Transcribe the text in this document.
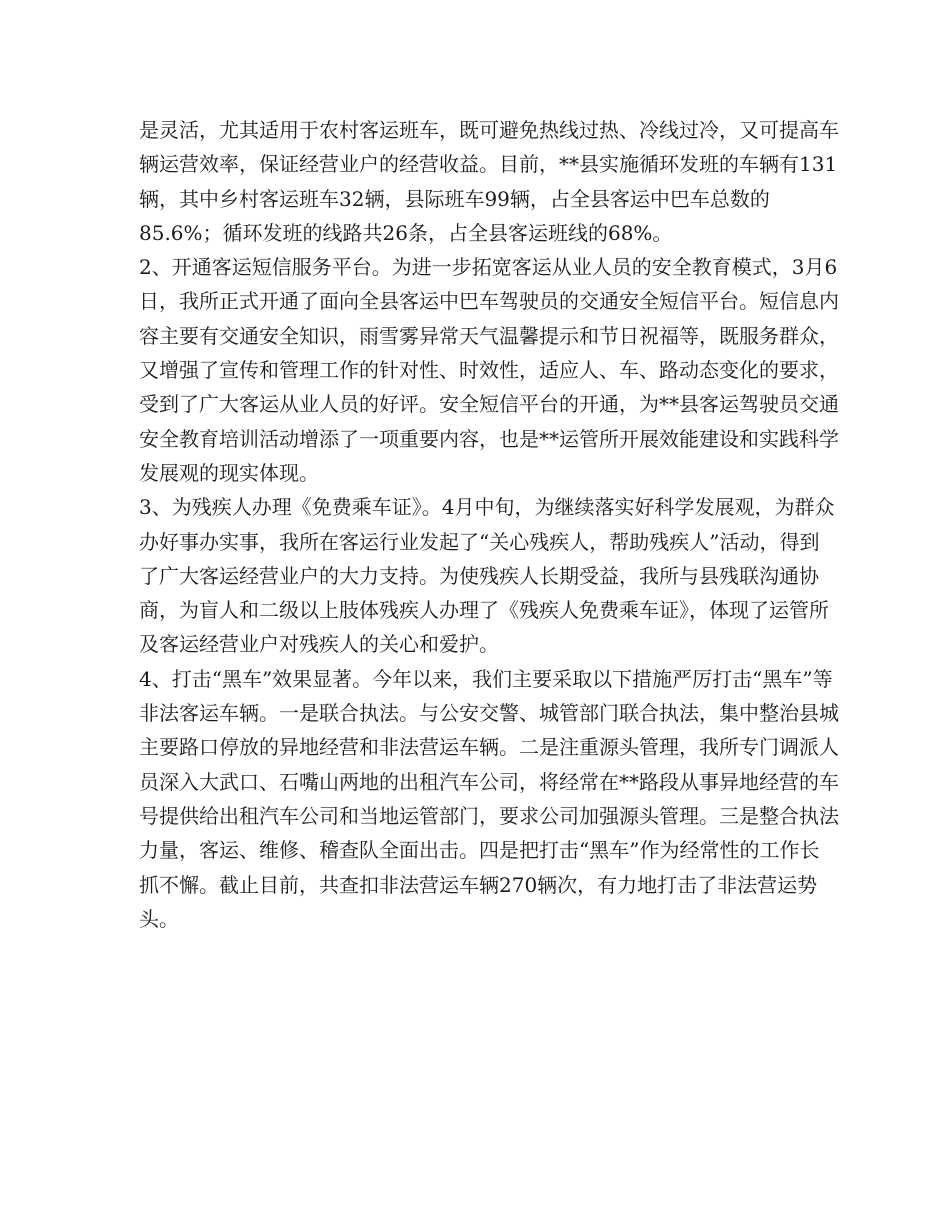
是灵活，尤其适用于农村客运班车，既可避免热线过热、冷线过冷，又可提高车辆运营效率，保证经营业户的经营收益。目前，**县实施循环发班的车辆有131辆，其中乡村客运班车32辆，县际班车99辆，占全县客运中巴车总数的85.6%；循环发班的线路共26条，占全县客运班线的68%。

2、开通客运短信服务平台。为进一步拓宽客运从业人员的安全教育模式，3月6日，我所正式开通了面向全县客运中巴车驾驶员的交通安全短信平台。短信息内容主要有交通安全知识，雨雪雾异常天气温馨提示和节日祝福等，既服务群众，又增强了宣传和管理工作的针对性、时效性，适应人、车、路动态变化的要求，受到了广大客运从业人员的好评。安全短信平台的开通，为**县客运驾驶员交通安全教育培训活动增添了一项重要内容，也是**运管所开展效能建设和实践科学发展观的现实体现。

3、为残疾人办理《免费乘车证》。4月中旬，为继续落实好科学发展观，为群众办好事办实事，我所在客运行业发起了“关心残疾人，帮助残疾人”活动，得到了广大客运经营业户的大力支持。为使残疾人长期受益，我所与县残联沟通协商，为盲人和二级以上肢体残疾人办理了《残疾人免费乘车证》，体现了运管所及客运经营业户对残疾人的关心和爱护。

4、打击“黑车”效果显著。今年以来，我们主要采取以下措施严厉打击“黑车”等非法客运车辆。一是联合执法。与公安交警、城管部门联合执法，集中整治县城主要路口停放的异地经营和非法营运车辆。二是注重源头管理，我所专门调派人员深入大武口、石嘴山两地的出租汽车公司，将经常在**路段从事异地经营的车号提供给出租汽车公司和当地运管部门，要求公司加强源头管理。三是整合执法力量，客运、维修、稽查队全面出击。四是把打击“黑车”作为经常性的工作长抓不懈。截止目前，共查扣非法营运车辆270辆次，有力地打击了非法营运势头。
